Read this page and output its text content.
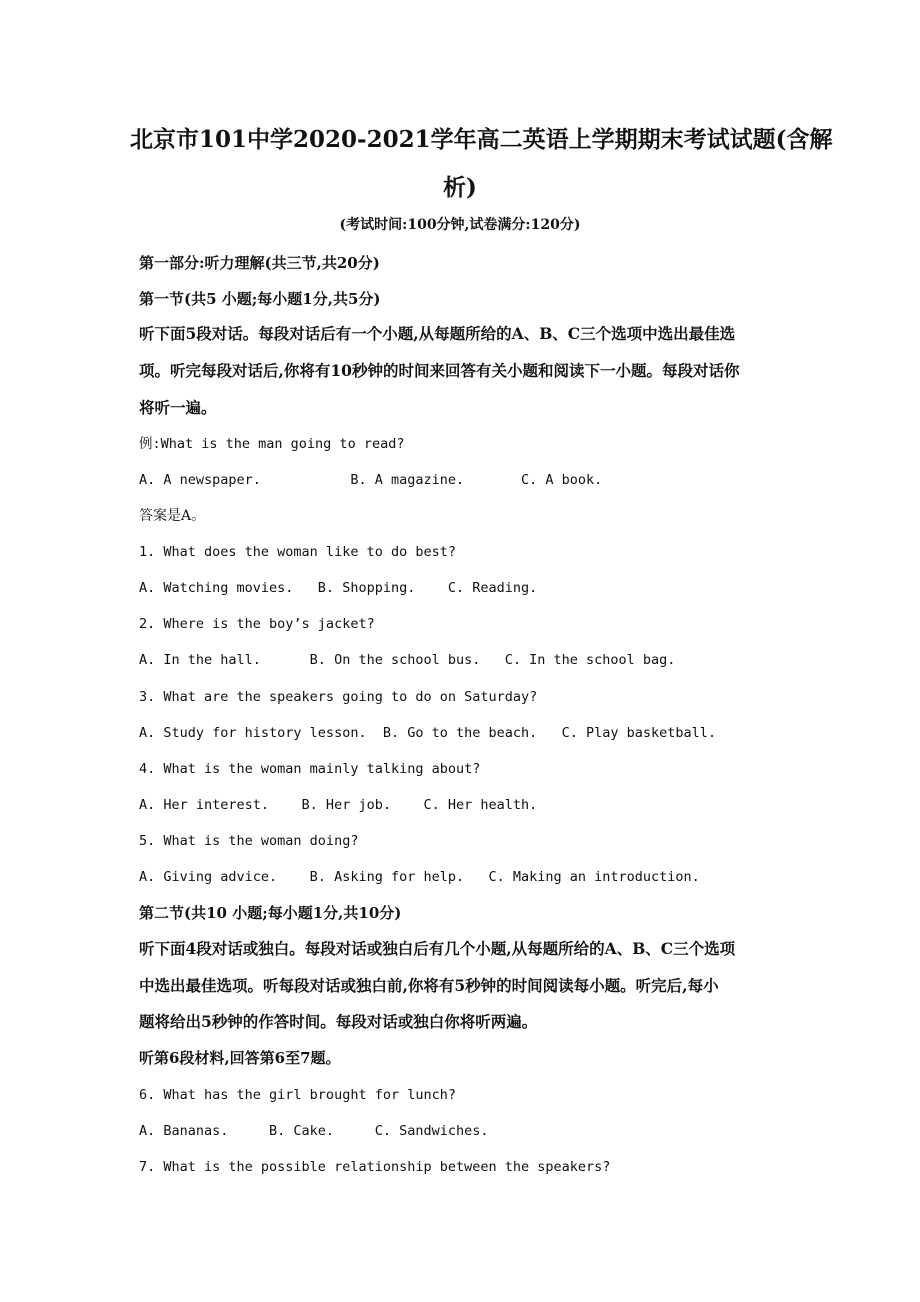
北京市101中学2020-2021学年高二英语上学期期末考试试题(含解
析)
(考试时间:100分钟,试卷满分:120分)
第一部分:听力理解(共三节,共20分)
第一节(共5 小题;每小题1分,共5分)
听下面5段对话。每段对话后有一个小题,从每题所给的A、B、C三个选项中选出最佳选
项。听完每段对话后,你将有10秒钟的时间来回答有关小题和阅读下一小题。每段对话你
将听一遍。
例:What is the man going to read?
A. A newspaper.           B. A magazine.       C. A book.
答案是A。
1. What does the woman like to do best?
A. Watching movies.   B. Shopping.    C. Reading.
2. Where is the boy’s jacket?
A. In the hall.      B. On the school bus.   C. In the school bag.
3. What are the speakers going to do on Saturday?
A. Study for history lesson.  B. Go to the beach.   C. Play basketball.
4. What is the woman mainly talking about?
A. Her interest.    B. Her job.    C. Her health.
5. What is the woman doing?
A. Giving advice.    B. Asking for help.   C. Making an introduction.
第二节(共10 小题;每小题1分,共10分)
听下面4段对话或独白。每段对话或独白后有几个小题,从每题所给的A、B、C三个选项
中选出最佳选项。听每段对话或独白前,你将有5秒钟的时间阅读每小题。听完后,每小
题将给出5秒钟的作答时间。每段对话或独白你将听两遍。
听第6段材料,回答第6至7题。
6. What has the girl brought for lunch?
A. Bananas.     B. Cake.     C. Sandwiches.
7. What is the possible relationship between the speakers?
